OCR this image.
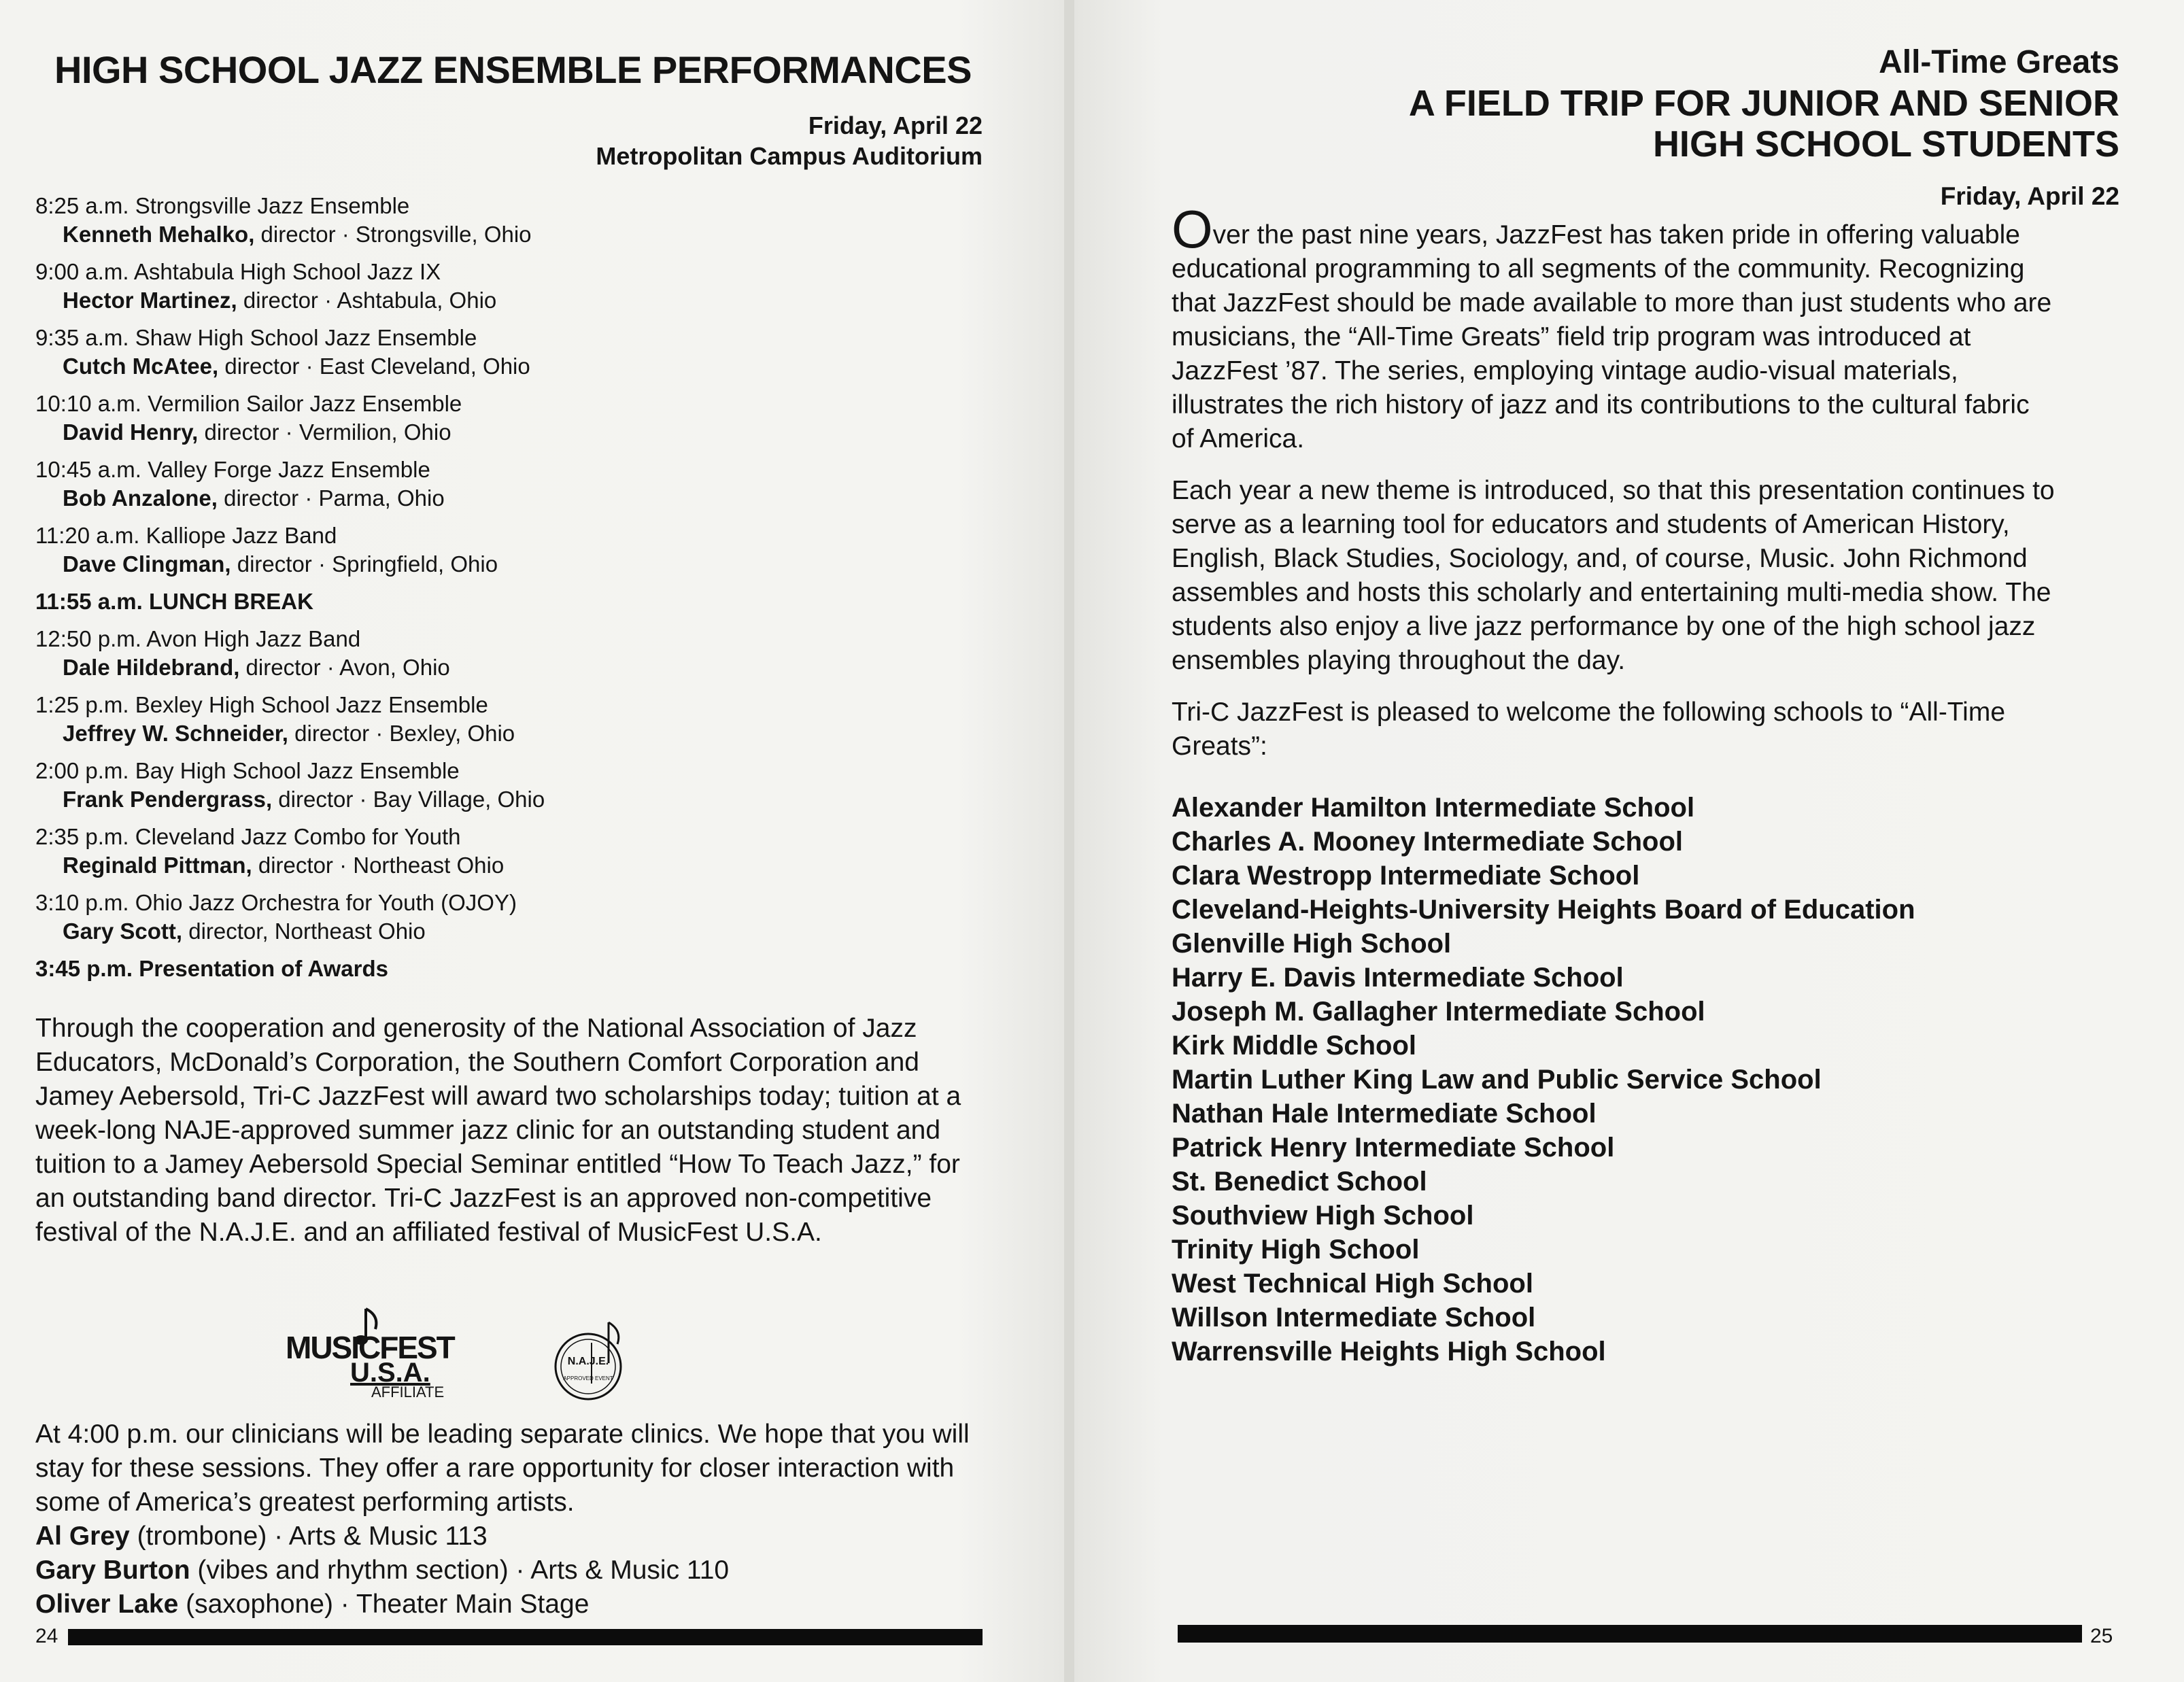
HIGH SCHOOL JAZZ ENSEMBLE PERFORMANCES
Friday, April 22
Metropolitan Campus Auditorium
8:25 a.m. Strongsville Jazz Ensemble
Kenneth Mehalko, director · Strongsville, Ohio
9:00 a.m. Ashtabula High School Jazz IX
Hector Martinez, director · Ashtabula, Ohio
9:35 a.m. Shaw High School Jazz Ensemble
Cutch McAtee, director · East Cleveland, Ohio
10:10 a.m. Vermilion Sailor Jazz Ensemble
David Henry, director · Vermilion, Ohio
10:45 a.m. Valley Forge Jazz Ensemble
Bob Anzalone, director · Parma, Ohio
11:20 a.m. Kalliope Jazz Band
Dave Clingman, director · Springfield, Ohio
11:55 a.m. LUNCH BREAK
12:50 p.m. Avon High Jazz Band
Dale Hildebrand, director · Avon, Ohio
1:25 p.m. Bexley High School Jazz Ensemble
Jeffrey W. Schneider, director · Bexley, Ohio
2:00 p.m. Bay High School Jazz Ensemble
Frank Pendergrass, director · Bay Village, Ohio
2:35 p.m. Cleveland Jazz Combo for Youth
Reginald Pittman, director · Northeast Ohio
3:10 p.m. Ohio Jazz Orchestra for Youth (OJOY)
Gary Scott, director, Northeast Ohio
3:45 p.m. Presentation of Awards
Through the cooperation and generosity of the National Association of Jazz Educators, McDonald’s Corporation, the Southern Comfort Corporation and Jamey Aebersold, Tri-C JazzFest will award two scholarships today; tuition at a week-long NAJE-approved summer jazz clinic for an outstanding student and tuition to a Jamey Aebersold Special Seminar entitled “How To Teach Jazz,” for an outstanding band director. Tri-C JazzFest is an approved non-competitive festival of the N.A.J.E. and an affiliated festival of MusicFest U.S.A.
MUSICFEST
U.S.A.
AFFILIATE
N.A.J.E.
APPROVED EVENT
At 4:00 p.m. our clinicians will be leading separate clinics. We hope that you will stay for these sessions. They offer a rare opportunity for closer interaction with some of America’s greatest performing artists.
Al Grey (trombone) · Arts & Music 113
Gary Burton (vibes and rhythm section) · Arts & Music 110
Oliver Lake (saxophone) · Theater Main Stage
24
All-Time Greats
A FIELD TRIP FOR JUNIOR AND SENIOR
HIGH SCHOOL STUDENTS
Friday, April 22

Over the past nine years, JazzFest has taken pride in offering valuable educational programming to all segments of the community. Recognizing that JazzFest should be made available to more than just students who are musicians, the “All-Time Greats” field trip program was introduced at JazzFest ’87. The series, employing vintage audio-visual materials, illustrates the rich history of jazz and its contributions to the cultural fabric of America.

Each year a new theme is introduced, so that this presentation continues to serve as a learning tool for educators and students of American History, English, Black Studies, Sociology, and, of course, Music. John Richmond assembles and hosts this scholarly and entertaining multi-media show. The students also enjoy a live jazz performance by one of the high school jazz ensembles playing throughout the day.

Tri-C JazzFest is pleased to welcome the following schools to “All-Time Greats”:

Alexander Hamilton Intermediate School
Charles A. Mooney Intermediate School
Clara Westropp Intermediate School
Cleveland-Heights-University Heights Board of Education
Glenville High School
Harry E. Davis Intermediate School
Joseph M. Gallagher Intermediate School
Kirk Middle School
Martin Luther King Law and Public Service School
Nathan Hale Intermediate School
Patrick Henry Intermediate School
St. Benedict School
Southview High School
Trinity High School
West Technical High School
Willson Intermediate School
Warrensville Heights High School
25
